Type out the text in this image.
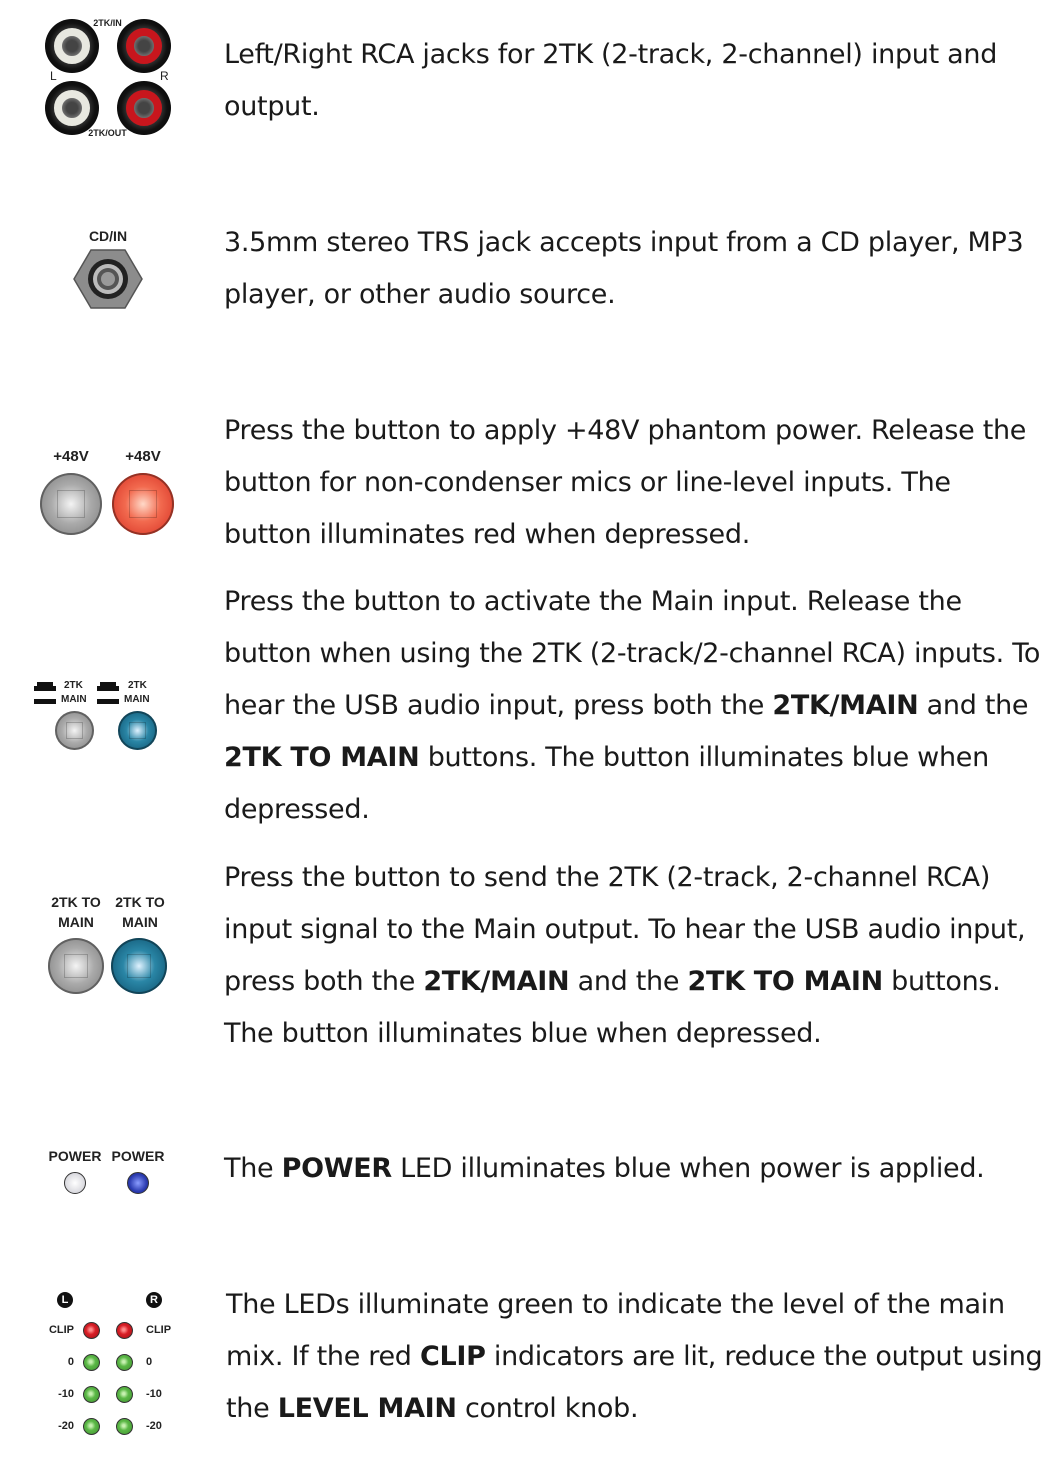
2TK/IN
L	R
2TK/OUT
Left/Right RCA jacks for 2TK (2-track, 2-channel) input and output.
CD/IN	3.5mm stereo TRS jack accepts input from a CD player, MP3 player, or other audio source.
+48V	+48V
Press the button to apply +48V phantom power. Release the button for non-condenser mics or line-level inputs. The button illuminates red when depressed.
2TK
MAIN
2TK
MAIN
Press the button to activate the Main input. Release the button when using the 2TK (2-track/2-channel RCA) inputs. To hear the USB audio input, press both the 2TK/MAIN and the 2TK TO MAIN buttons. The button illuminates blue when depressed.
2TK TO
MAIN
2TK TO
MAIN
Press the button to send the 2TK (2-track, 2-channel RCA) input signal to the Main output. To hear the USB audio input, press both the 2TK/MAIN and the 2TK TO MAIN buttons. The button illuminates blue when depressed.
POWER POWER The POWER LED illuminates blue when power is applied.
L	R
CLIP	CLIP
0	0
-10	-10
-20	-20
The LEDs illuminate green to indicate the level of the main mix. If the red CLIP indicators are lit, reduce the output using the LEVEL MAIN control knob.
